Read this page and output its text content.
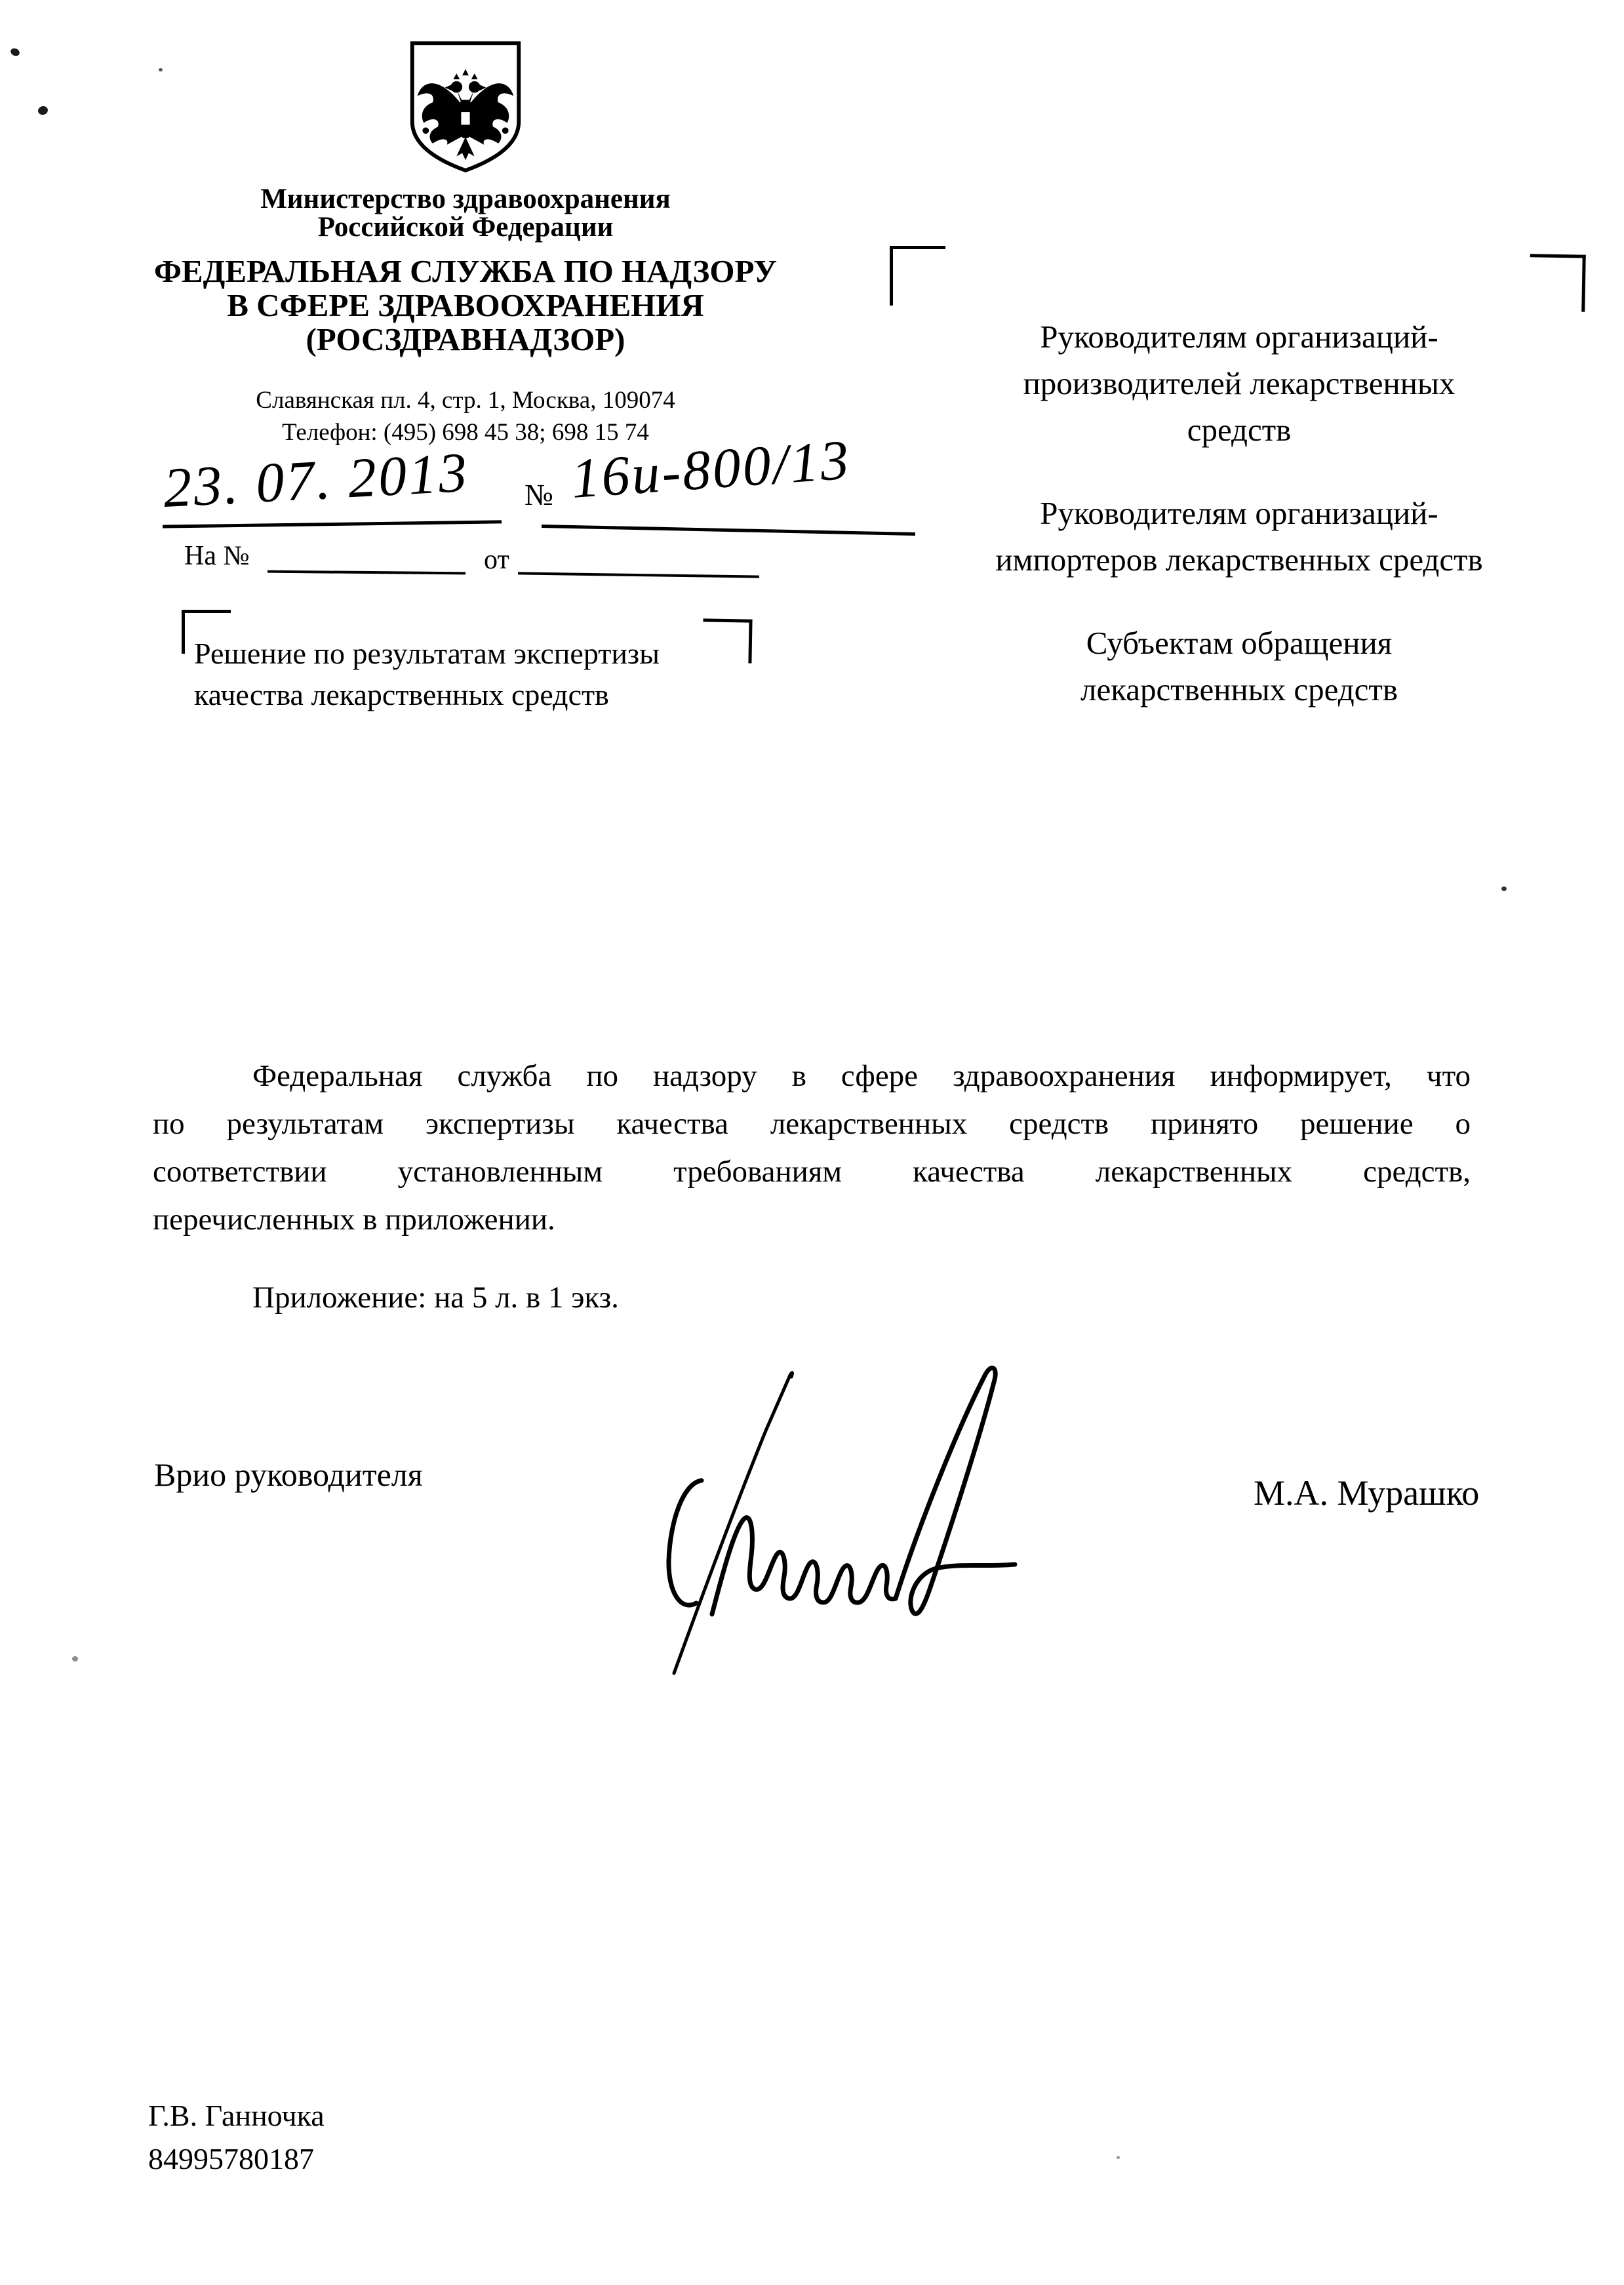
Министерство здравоохранения
Российской Федерации
ФЕДЕРАЛЬНАЯ СЛУЖБА ПО НАДЗОРУ
В СФЕРЕ ЗДРАВООХРАНЕНИЯ
(РОСЗДРАВНАДЗОР)
Славянская пл. 4, стр. 1, Москва, 109074
Телефон: (495) 698 45 38; 698 15 74
23. 07. 2013 № 16и-800/13
На №	от
Решение по результатам экспертизы
качества лекарственных средств
Руководителям организаций-
производителей лекарственных
средств
Руководителям организаций-
импортеров лекарственных средств
Субъектам обращения
лекарственных средств
Федеральная служба по надзору в сфере здравоохранения информирует, что
по результатам экспертизы качества лекарственных средств принято решение о
соответствии установленным требованиям качества лекарственных средств,
перечисленных в приложении.
Приложение: на 5 л. в 1 экз.
Врио руководителя	М.А. Мурашко
Г.В. Ганночка
84995780187
